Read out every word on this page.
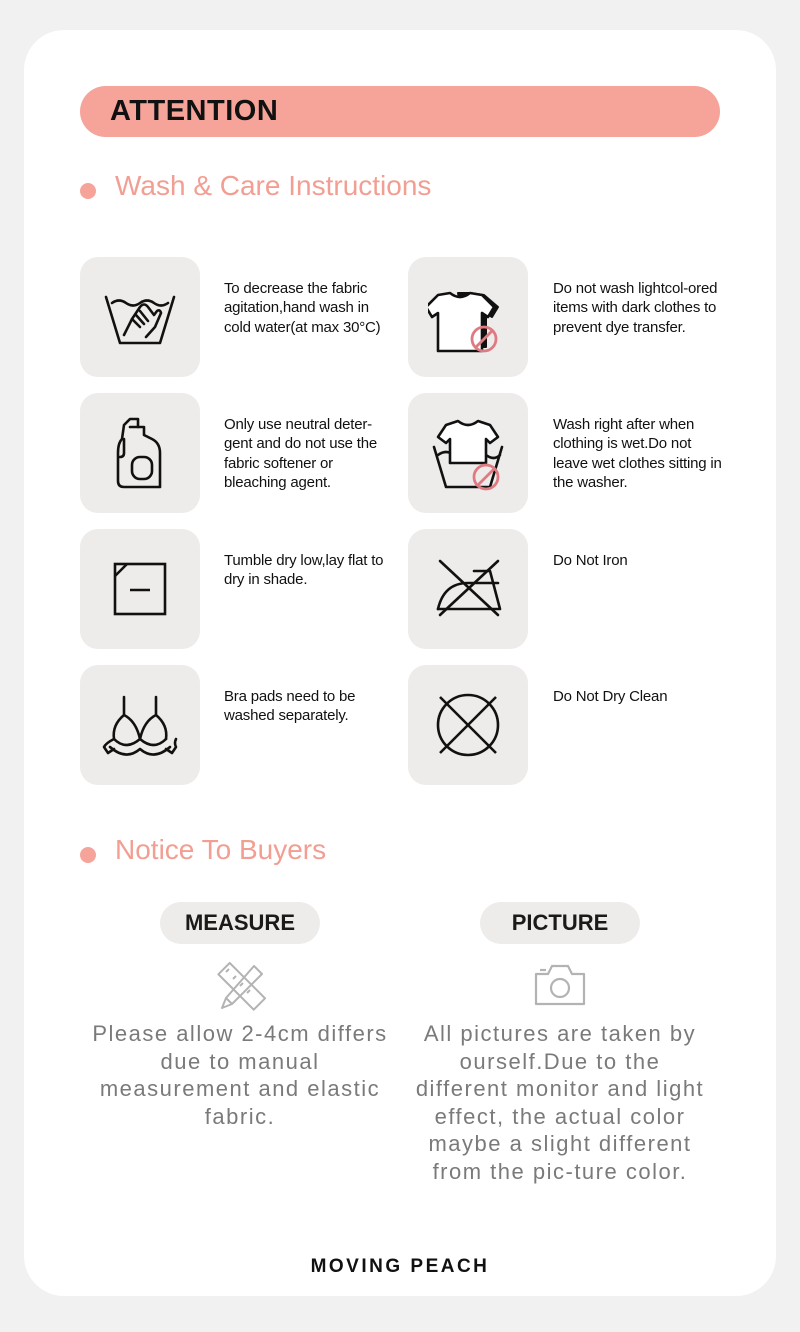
ATTENTION
Wash & Care Instructions
To decrease the fabric agitation,hand wash in cold water(at max 30°C)
Do not wash lightcol-ored items with dark clothes to prevent dye transfer.
Only use neutral deter-gent and do not use the fabric softener or bleaching agent.
Wash right after when clothing is wet.Do not leave wet clothes sitting in the washer.
Tumble dry low,lay flat to dry in shade.
Do Not Iron
Bra pads need to be washed separately.
Do Not Dry Clean
Notice To Buyers
MEASURE
Please allow 2-4cm differs due to manual measurement and elastic fabric.
PICTURE
All pictures are taken by ourself.Due to the different monitor and light effect, the actual color maybe a slight different from the pic-ture color.
MOVING PEACH
